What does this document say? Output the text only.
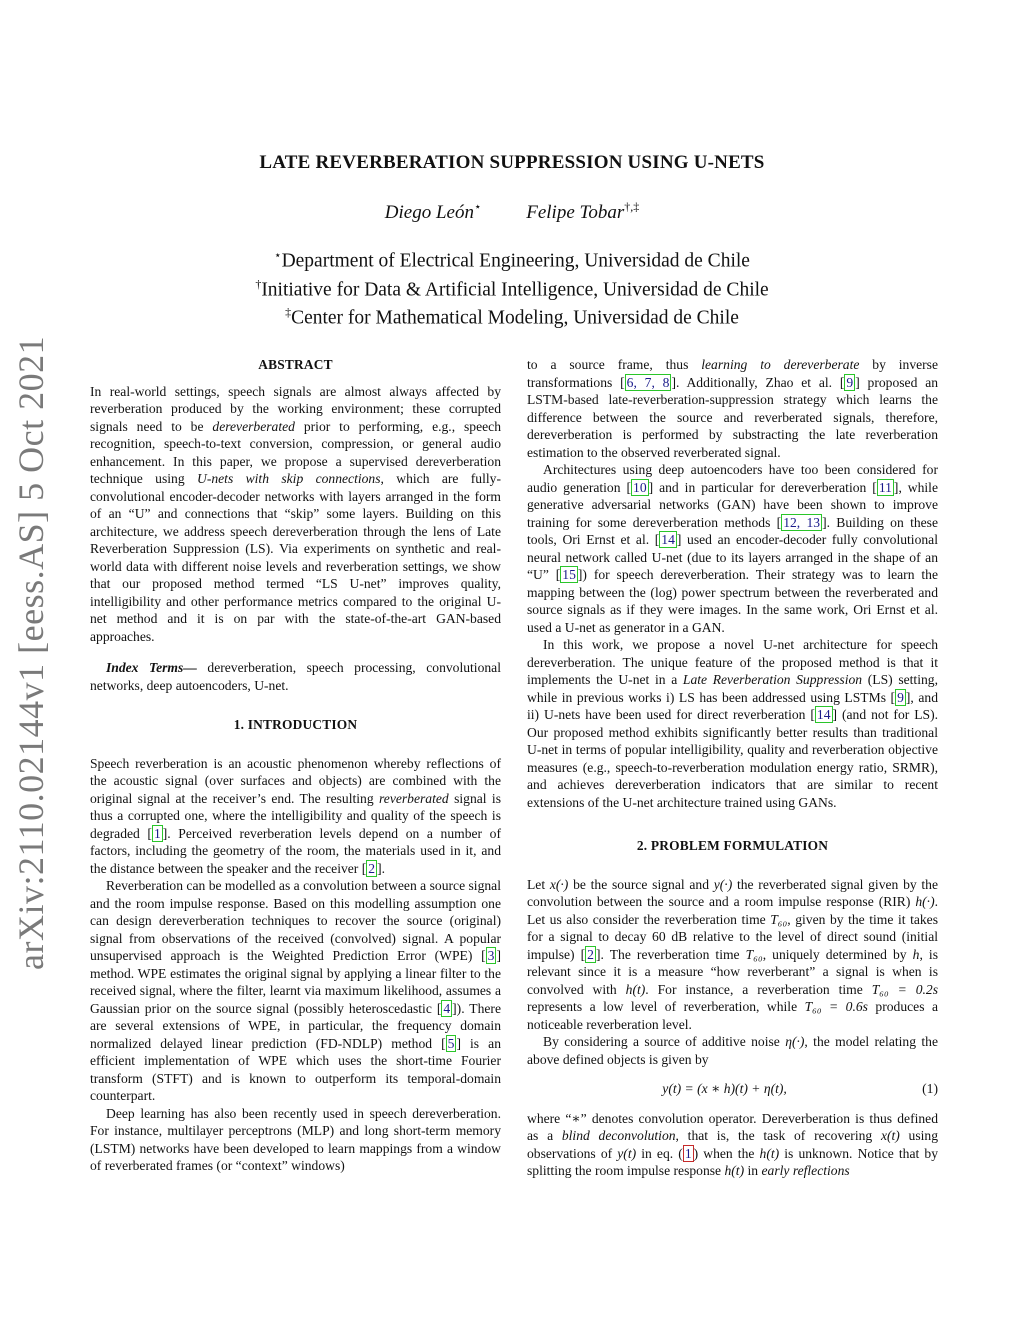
arXiv:2110.02144v1 [eess.AS] 5 Oct 2021
LATE REVERBERATION SUPPRESSION USING U-NETS
Diego León⋆ Felipe Tobar†,‡
⋆Department of Electrical Engineering, Universidad de Chile
†Initiative for Data & Artificial Intelligence, Universidad de Chile
‡Center for Mathematical Modeling, Universidad de Chile
ABSTRACT

In real-world settings, speech signals are almost always affected by reverberation produced by the working environment; these corrupted signals need to be dereverberated prior to performing, e.g., speech recognition, speech-to-text conversion, compression, or general audio enhancement. In this paper, we propose a supervised dereverberation technique using U-nets with skip connections, which are fully-convolutional encoder-decoder networks with layers arranged in the form of an “U” and connections that “skip” some layers. Building on this architecture, we address speech dereverberation through the lens of Late Reverberation Suppression (LS). Via experiments on synthetic and real-world data with different noise levels and reverberation settings, we show that our proposed method termed “LS U-net” improves quality, intelligibility and other performance metrics compared to the original U-net method and it is on par with the state-of-the-art GAN-based approaches.

Index Terms— dereverberation, speech processing, convolutional networks, deep autoencoders, U-net.

1. INTRODUCTION

Speech reverberation is an acoustic phenomenon whereby reflections of the acoustic signal (over surfaces and objects) are combined with the original signal at the receiver’s end. The resulting reverberated signal is thus a corrupted one, where the intelligibility and quality of the speech is degraded [ 1 ]. Perceived reverberation levels depend on a number of factors, including the geometry of the room, the materials used in it, and the distance between the speaker and the receiver [ 2 ].

Reverberation can be modelled as a convolution between a source signal and the room impulse response. Based on this modelling assumption one can design dereverberation techniques to recover the source (original) signal from observations of the received (convolved) signal. A popular unsupervised approach is the Weighted Prediction Error (WPE) [ 3 ] method. WPE estimates the original signal by applying a linear filter to the received signal, where the filter, learnt via maximum likelihood, assumes a Gaussian prior on the source signal (possibly heteroscedastic [ 4 ]). There are several extensions of WPE, in particular, the frequency domain normalized delayed linear prediction (FD-NDLP) method [ 5 ] is an efficient implementation of WPE which uses the short-time Fourier transform (STFT) and is known to outperform its temporal-domain counterpart.

Deep learning has also been recently used in speech dereverberation. For instance, multilayer perceptrons (MLP) and long short-term memory (LSTM) networks have been developed to learn mappings from a window of reverberated frames (or “context” windows)

to a source frame, thus learning to dereverberate by inverse transformations [ 6, 7, 8 ]. Additionally, Zhao et al. [ 9 ] proposed an LSTM-based late-reverberation-suppression strategy which learns the difference between the source and reverberated signals, therefore, dereverberation is performed by substracting the late reverberation estimation to the observed reverberated signal.

Architectures using deep autoencoders have too been considered for audio generation [ 10 ] and in particular for dereverberation [ 11 ], while generative adversarial networks (GAN) have been shown to improve training for some dereverberation methods [ 12, 13 ]. Building on these tools, Ori Ernst et al. [ 14 ] used an encoder-decoder fully convolutional neural network called U-net (due to its layers arranged in the shape of an “U” [ 15 ]) for speech dereverberation. Their strategy was to learn the mapping between the (log) power spectrum between the reverberated and source signals as if they were images. In the same work, Ori Ernst et al. used a U-net as generator in a GAN.

In this work, we propose a novel U-net architecture for speech dereverberation. The unique feature of the proposed method is that it implements the U-net in a Late Reverberation Suppression (LS) setting, while in previous works i) LS has been addressed using LSTMs [ 9 ], and ii) U-nets have been used for direct reverberation [ 14 ] (and not for LS). Our proposed method exhibits significantly better results than traditional U-net in terms of popular intelligibility, quality and reverberation objective measures (e.g., speech-to-reverberation modulation energy ratio, SRMR), and achieves dereverberation indicators that are similar to recent extensions of the U-net architecture trained using GANs.

2. PROBLEM FORMULATION

Let x(·) be the source signal and y(·) the reverberated signal given by the convolution between the source and a room impulse response (RIR) h(·). Let us also consider the reverberation time T₆₀, given by the time it takes for a signal to decay 60 dB relative to the level of direct sound (initial impulse) [ 2 ]. The reverberation time T₆₀, uniquely determined by h, is relevant since it is a measure “how reverberant” a signal is when is convolved with h(t). For instance, a reverberation time T₆₀ = 0.2s represents a low level of reverberation, while T₆₀ = 0.6s produces a noticeable reverberation level.

By considering a source of additive noise η(·), the model relating the above defined objects is given by

y(t) = (x ∗ h)(t) + η(t),	(1)

where “∗” denotes convolution operator. Dereverberation is thus defined as a blind deconvolution, that is, the task of recovering x(t) using observations of y(t) in eq. ( 1 ) when the h(t) is unknown. Notice that by splitting the room impulse response h(t) in early reflections
